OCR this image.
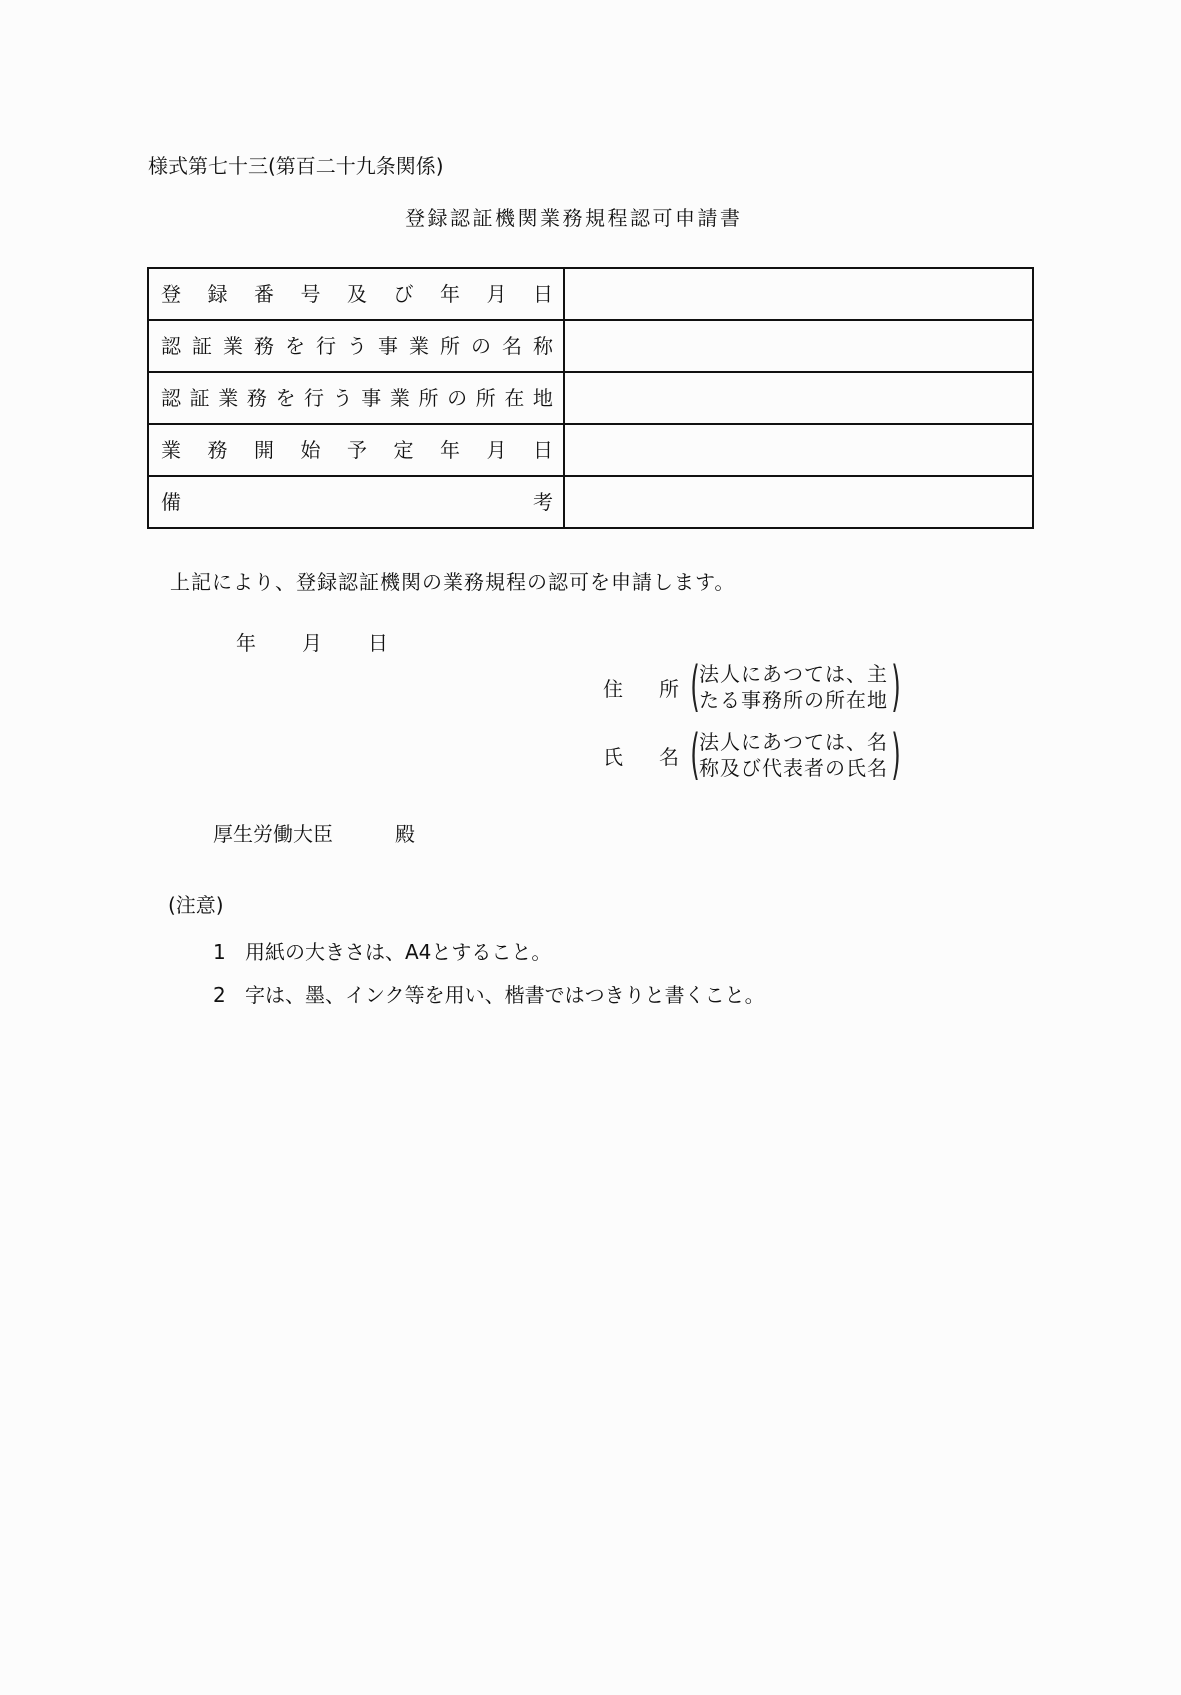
様式第七十三(第百二十九条関係)
登録認証機関業務規程認可申請書
登 録 番 号 及 び 年 月 日

認 証 業 務 を 行 う 事 業 所 の 名 称

認 証 業 務 を 行 う 事 業 所 の 所 在 地

業 務 開 始 予 定 年 月 日

備 考	

上記により、登録認証機関の業務規程の認可を申請します。
年 月 日
住 所 ( 法人にあつては、主
たる事務所の所在地 )
氏 名 ( 法人にあつては、名
称及び代表者の氏名 )
厚生労働大臣	殿
(注意)
1 用紙の大きさは、A4とすること。
2 字は、墨、インク等を用い、楷書ではつきりと書くこと。
